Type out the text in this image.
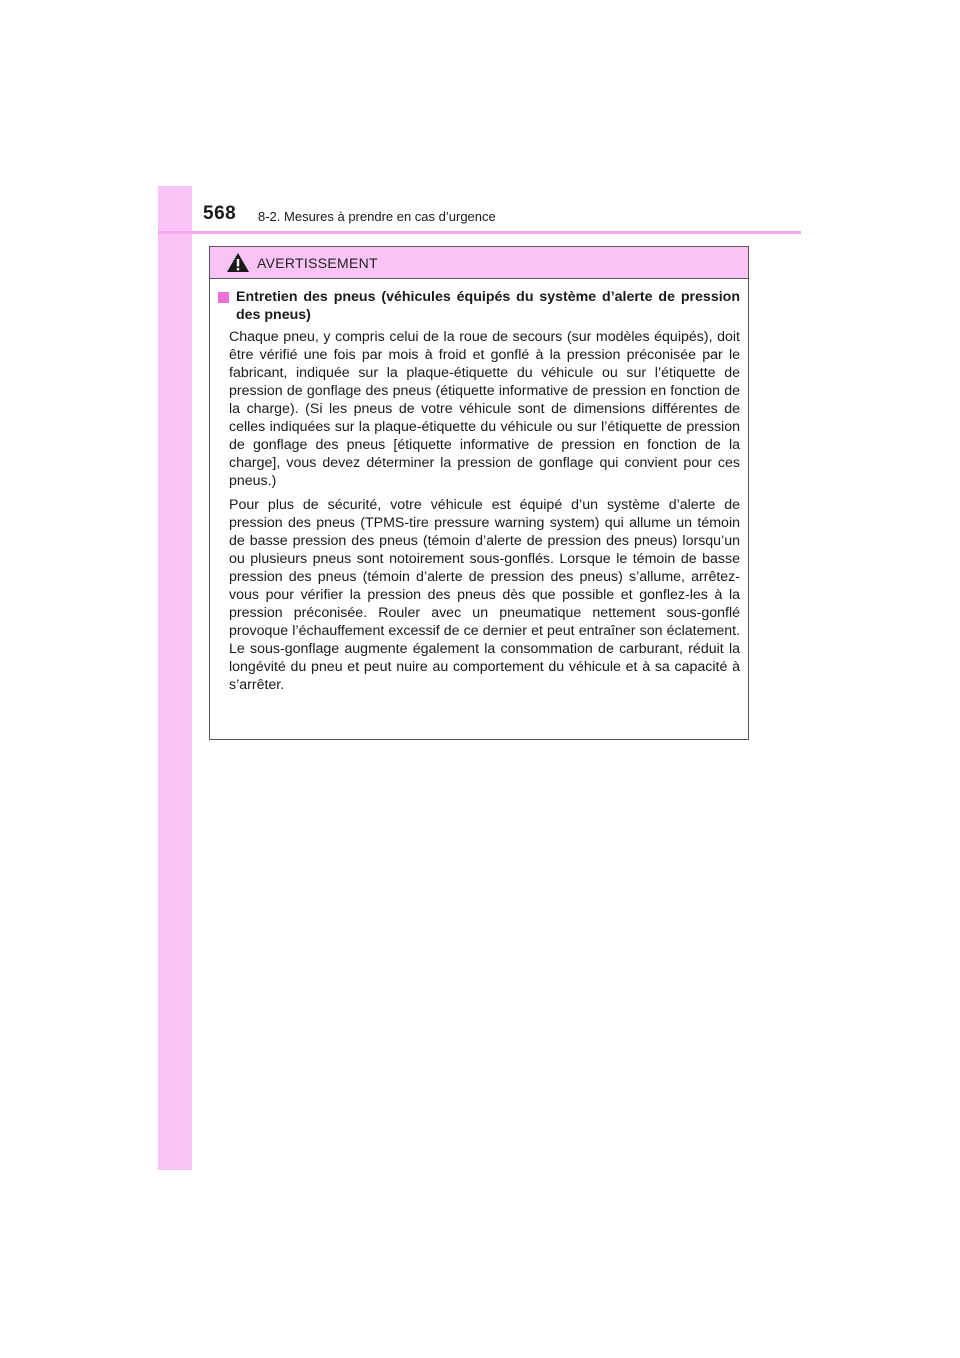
568 8-2. Mesures à prendre en cas d’urgence
AVERTISSEMENT
Entretien des pneus (véhicules équipés du système d’alerte de pression des pneus)

Chaque pneu, y compris celui de la roue de secours (sur modèles équipés), doit être vérifié une fois par mois à froid et gonflé à la pression préconisée par le fabricant, indiquée sur la plaque-étiquette du véhicule ou sur l’étiquette de pression de gonflage des pneus (étiquette informative de pression en fonction de la charge). (Si les pneus de votre véhicule sont de dimensions différentes de celles indiquées sur la plaque-étiquette du véhicule ou sur l’étiquette de pression de gonflage des pneus [étiquette informative de pression en fonction de la charge], vous devez déterminer la pression de gonflage qui convient pour ces pneus.)

Pour plus de sécurité, votre véhicule est équipé d’un système d’alerte de pression des pneus (TPMS-tire pressure warning system) qui allume un témoin de basse pression des pneus (témoin d’alerte de pression des pneus) lorsqu’un ou plusieurs pneus sont notoirement sous-gonflés. Lorsque le témoin de basse pression des pneus (témoin d’alerte de pression des pneus) s’allume, arrêtez-vous pour vérifier la pression des pneus dès que possible et gonflez-les à la pression préconisée. Rouler avec un pneumatique nettement sous-gonflé provoque l’échauffement excessif de ce dernier et peut entraîner son éclatement. Le sous-gonflage augmente également la consommation de carburant, réduit la longévité du pneu et peut nuire au comportement du véhicule et à sa capacité à s’arrêter.
